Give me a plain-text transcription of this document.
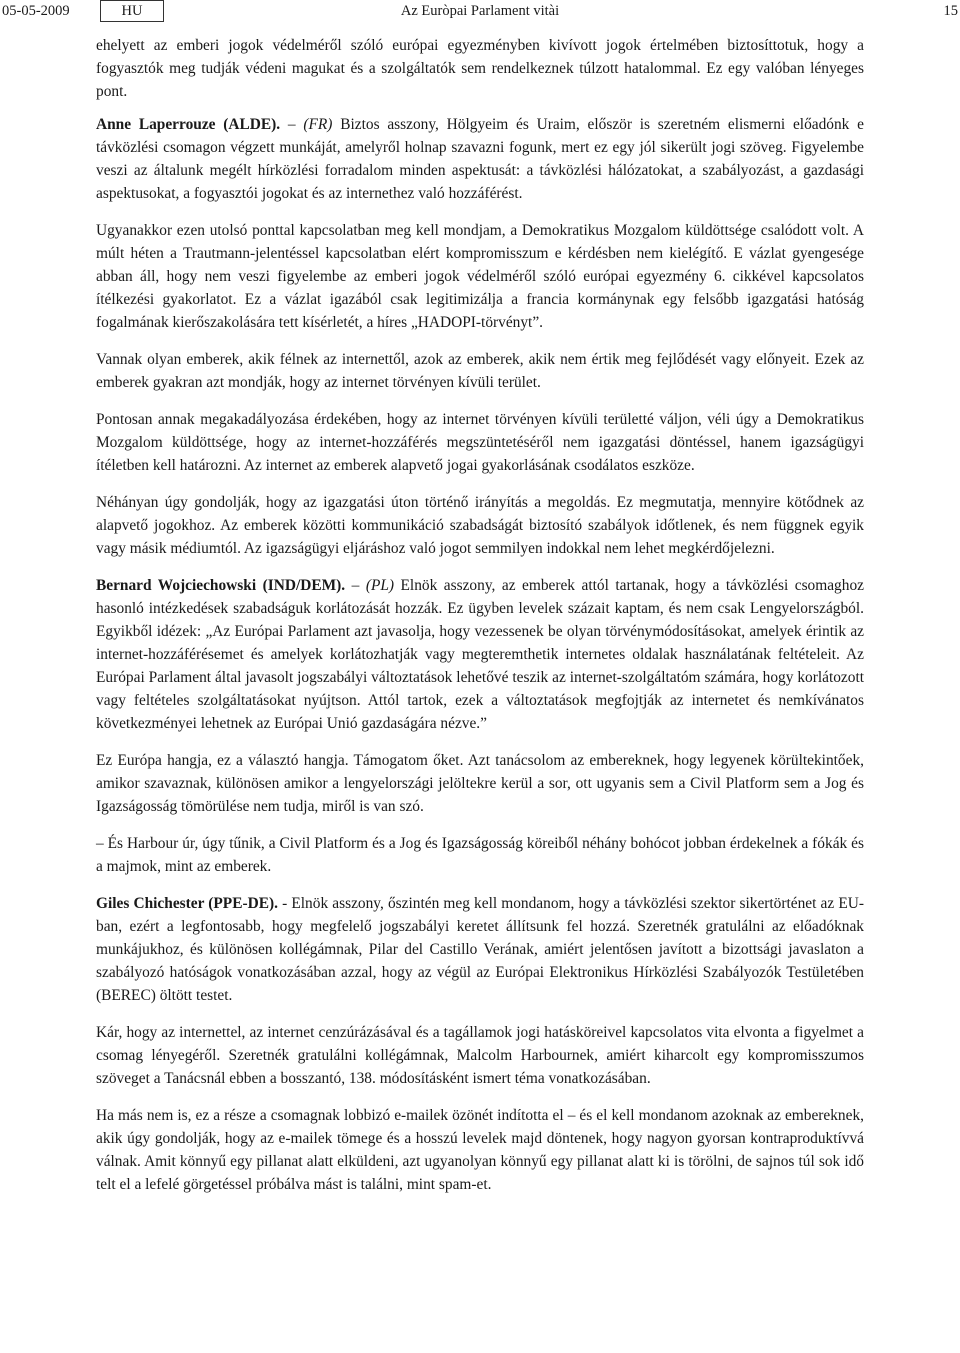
05-05-2009	HU	Az Euròpai Parlament vitài	15

ehelyett az emberi jogok védelméről szóló európai egyezményben kivívott jogok értelmében biztosíttotuk, hogy a fogyasztók meg tudják védeni magukat és a szolgáltatók sem rendelkeznek túlzott hatalommal. Ez egy valóban lényeges pont.

Anne Laperrouze (ALDE). – (FR) Biztos asszony, Hölgyeim és Uraim, először is szeretném elismerni előadónk e távközlési csomagon végzett munkáját, amelyről holnap szavazni fogunk, mert ez egy jól sikerült jogi szöveg. Figyelembe veszi az általunk megélt hírközlési forradalom minden aspektusát: a távközlési hálózatokat, a szabályozást, a gazdasági aspektusokat, a fogyasztói jogokat és az internethez való hozzáférést.

Ugyanakkor ezen utolsó ponttal kapcsolatban meg kell mondjam, a Demokratikus Mozgalom küldöttsége csalódott volt. A múlt héten a Trautmann-jelentéssel kapcsolatban elért kompromisszum e kérdésben nem kielégítő. E vázlat gyengesége abban áll, hogy nem veszi figyelembe az emberi jogok védelméről szóló európai egyezmény 6. cikkével kapcsolatos ítélkezési gyakorlatot. Ez a vázlat igazából csak legitimizálja a francia kormánynak egy felsőbb igazgatási hatóság fogalmának kierőszakolására tett kísérletét, a híres „HADOPI-törvényt”.

Vannak olyan emberek, akik félnek az internettől, azok az emberek, akik nem értik meg fejlődését vagy előnyeit. Ezek az emberek gyakran azt mondják, hogy az internet törvényen kívüli terület.

Pontosan annak megakadályozása érdekében, hogy az internet törvényen kívüli területté váljon, véli úgy a Demokratikus Mozgalom küldöttsége, hogy az internet-hozzáférés megszüntetéséről nem igazgatási döntéssel, hanem igazságügyi ítéletben kell határozni. Az internet az emberek alapvető jogai gyakorlásának csodálatos eszköze.

Néhányan úgy gondolják, hogy az igazgatási úton történő irányítás a megoldás. Ez megmutatja, mennyire kötődnek az alapvető jogokhoz. Az emberek közötti kommunikáció szabadságát biztosító szabályok időtlenek, és nem függnek egyik vagy másik médiumtól. Az igazságügyi eljáráshoz való jogot semmilyen indokkal nem lehet megkérdőjelezni.

Bernard Wojciechowski (IND/DEM). – (PL) Elnök asszony, az emberek attól tartanak, hogy a távközlési csomaghoz hasonló intézkedések szabadságuk korlátozását hozzák. Ez ügyben levelek százait kaptam, és nem csak Lengyelországból. Egyikből idézek: „Az Európai Parlament azt javasolja, hogy vezessenek be olyan törvénymódosításokat, amelyek érintik az internet-hozzáférésemet és amelyek korlátozhatják vagy megteremthetik internetes oldalak használatának feltételeit. Az Európai Parlament által javasolt jogszabályi változtatások lehetővé teszik az internet-szolgáltatóm számára, hogy korlátozott vagy feltételes szolgáltatásokat nyújtson. Attól tartok, ezek a változtatások megfojtják az internetet és nemkívánatos következményei lehetnek az Európai Unió gazdaságára nézve.”

Ez Európa hangja, ez a választó hangja. Támogatom őket. Azt tanácsolom az embereknek, hogy legyenek körültekintőek, amikor szavaznak, különösen amikor a lengyelországi jelöltekre kerül a sor, ott ugyanis sem a Civil Platform sem a Jog és Igazságosság tömörülése nem tudja, miről is van szó.

– És Harbour úr, úgy tűnik, a Civil Platform és a Jog és Igazságosság köreiből néhány bohócot jobban érdekelnek a fókák és a majmok, mint az emberek.

Giles Chichester (PPE-DE). - Elnök asszony, őszintén meg kell mondanom, hogy a távközlési szektor sikertörténet az EU-ban, ezért a legfontosabb, hogy megfelelő jogszabályi keretet állítsunk fel hozzá. Szeretnék gratulálni az előadóknak munkájukhoz, és különösen kollégámnak, Pilar del Castillo Verának, amiért jelentősen javított a bizottsági javaslaton a szabályozó hatóságok vonatkozásában azzal, hogy az végül az Európai Elektronikus Hírközlési Szabályozók Testületében (BEREC) öltött testet.

Kár, hogy az internettel, az internet cenzúrázásával és a tagállamok jogi hatásköreivel kapcsolatos vita elvonta a figyelmet a csomag lényegéről. Szeretnék gratulálni kollégámnak, Malcolm Harbournek, amiért kiharcolt egy kompromisszumos szöveget a Tanácsnál ebben a bosszantó, 138. módosításként ismert téma vonatkozásában.

Ha más nem is, ez a része a csomagnak lobbizó e-mailek özönét indította el – és el kell mondanom azoknak az embereknek, akik úgy gondolják, hogy az e-mailek tömege és a hosszú levelek majd döntenek, hogy nagyon gyorsan kontraproduktívvá válnak. Amit könnyű egy pillanat alatt elküldeni, azt ugyanolyan könnyű egy pillanat alatt ki is törölni, de sajnos túl sok idő telt el a lefelé görgetéssel próbálva mást is találni, mint spam-et.
